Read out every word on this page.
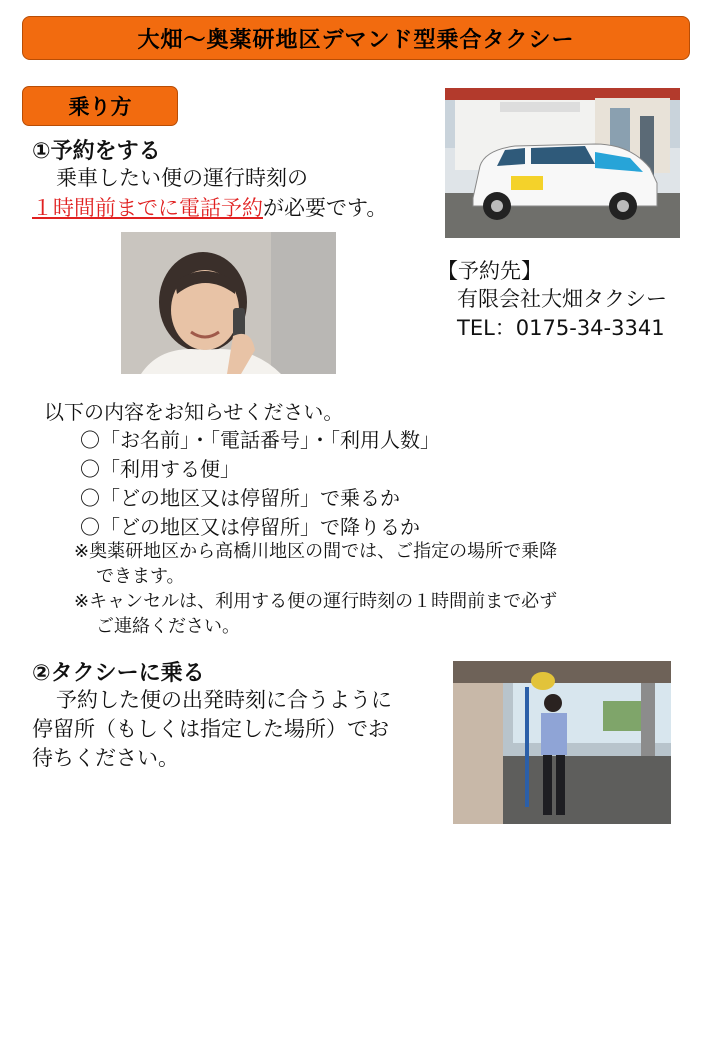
大畑～奥薬研地区デマンド型乗合タクシー
乗り方
①予約をする
乗車したい便の運行時刻の
１時間前までに電話予約が必要です。
【予約先】
有限会社大畑タクシー
TEL：0175-34-3341
以下の内容をお知らせください。
〇「お名前」・「電話番号」・「利用人数」
〇「利用する便」
〇「どの地区又は停留所」で乗るか
〇「どの地区又は停留所」で降りるか
※奥薬研地区から高橋川地区の間では、ご指定の場所で乗降
できます。
※キャンセルは、利用する便の運行時刻の１時間前まで必ず
ご連絡ください。
②タクシーに乗る
予約した便の出発時刻に合うように
停留所（もしくは指定した場所）でお
待ちください。
